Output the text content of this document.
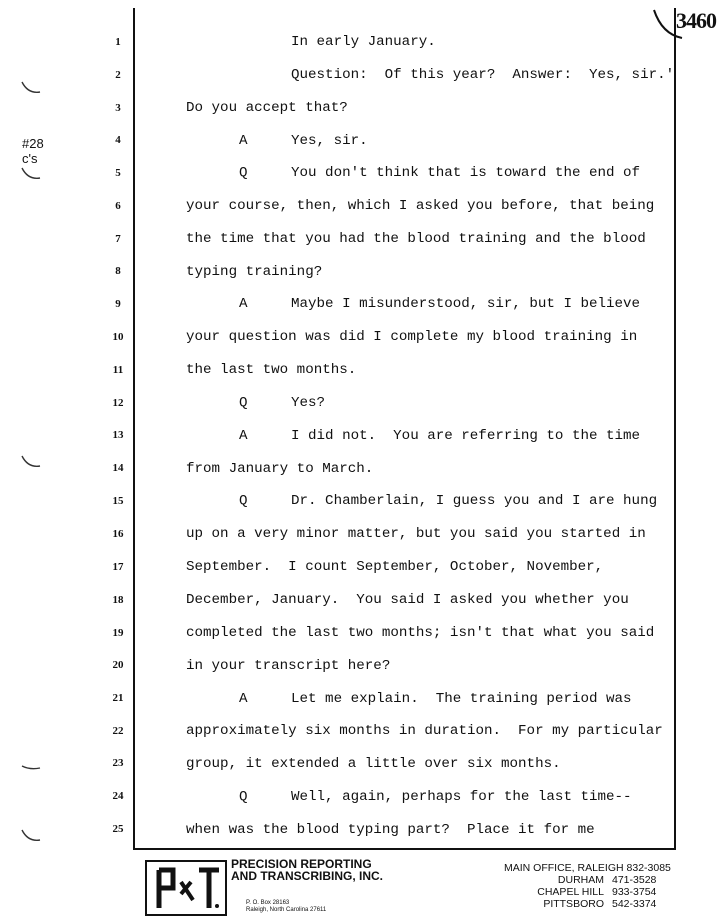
3460
#28
c's
1
2
3
4
5
6
7
8
9
10
11
12
13
14
15
16
17
18
19
20
21
22
23
24
25
In early January.
Question:  Of this year?  Answer:  Yes, sir.'
Do you accept that?
A	Yes, sir.
Q	You don't think that is toward the end of
your course, then, which I asked you before, that being
the time that you had the blood training and the blood
typing training?
A	Maybe I misunderstood, sir, but I believe
your question was did I complete my blood training in
the last two months.
Q	Yes?
A	I did not.  You are referring to the time
from January to March.
Q	Dr. Chamberlain, I guess you and I are hung
up on a very minor matter, but you said you started in
September.  I count September, October, November,
December, January.  You said I asked you whether you
completed the last two months; isn't that what you said
in your transcript here?
A	Let me explain.  The training period was
approximately six months in duration.  For my particular
group, it extended a little over six months.
Q	Well, again, perhaps for the last time--
when was the blood typing part?  Place it for me
PRECISION REPORTING
AND TRANSCRIBING, INC.
P. O. Box 28163
Raleigh, North Carolina 27611
MAIN OFFICE, RALEIGH 832-3085
DURHAM 471-3528
CHAPEL HILL 933-3754
PITTSBORO 542-3374
